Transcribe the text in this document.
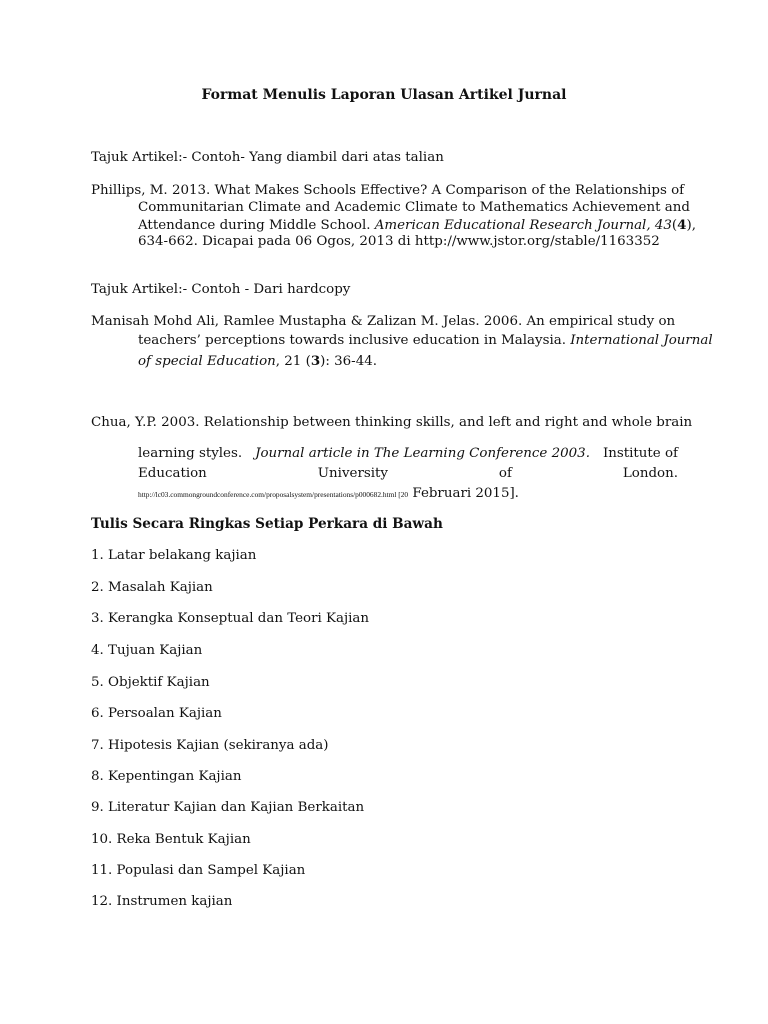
Format Menulis Laporan Ulasan Artikel Jurnal
Tajuk Artikel:- Contoh- Yang diambil dari atas talian
Phillips, M. 2013. What Makes Schools Effective? A Comparison of the Relationships of
Communitarian Climate and Academic Climate to Mathematics Achievement and
Attendance during Middle School. American Educational Research Journal, 43(4),
634-662. Dicapai pada 06 Ogos, 2013 di http://www.jstor.org/stable/1163352
Tajuk Artikel:- Contoh - Dari hardcopy
Manisah Mohd Ali, Ramlee Mustapha & Zalizan M. Jelas. 2006. An empirical study on
teachers’ perceptions towards inclusive education in Malaysia. International Journal
of special Education, 21 (3): 36-44.
Chua, Y.P. 2003. Relationship between thinking skills, and left and right and whole brain
learning styles. Journal article in The Learning Conference 2003. Institute of
Education	University	of	London.
http://lc03.commongroundconference.com/proposalsystem/presentations/p000682.html [20 Februari 2015].
Tulis Secara Ringkas Setiap Perkara di Bawah
1. Latar belakang kajian
2. Masalah Kajian
3. Kerangka Konseptual dan Teori Kajian
4. Tujuan Kajian
5. Objektif Kajian
6. Persoalan Kajian
7. Hipotesis Kajian (sekiranya ada)
8. Kepentingan Kajian
9. Literatur Kajian dan Kajian Berkaitan
10. Reka Bentuk Kajian
11. Populasi dan Sampel Kajian
12. Instrumen kajian
